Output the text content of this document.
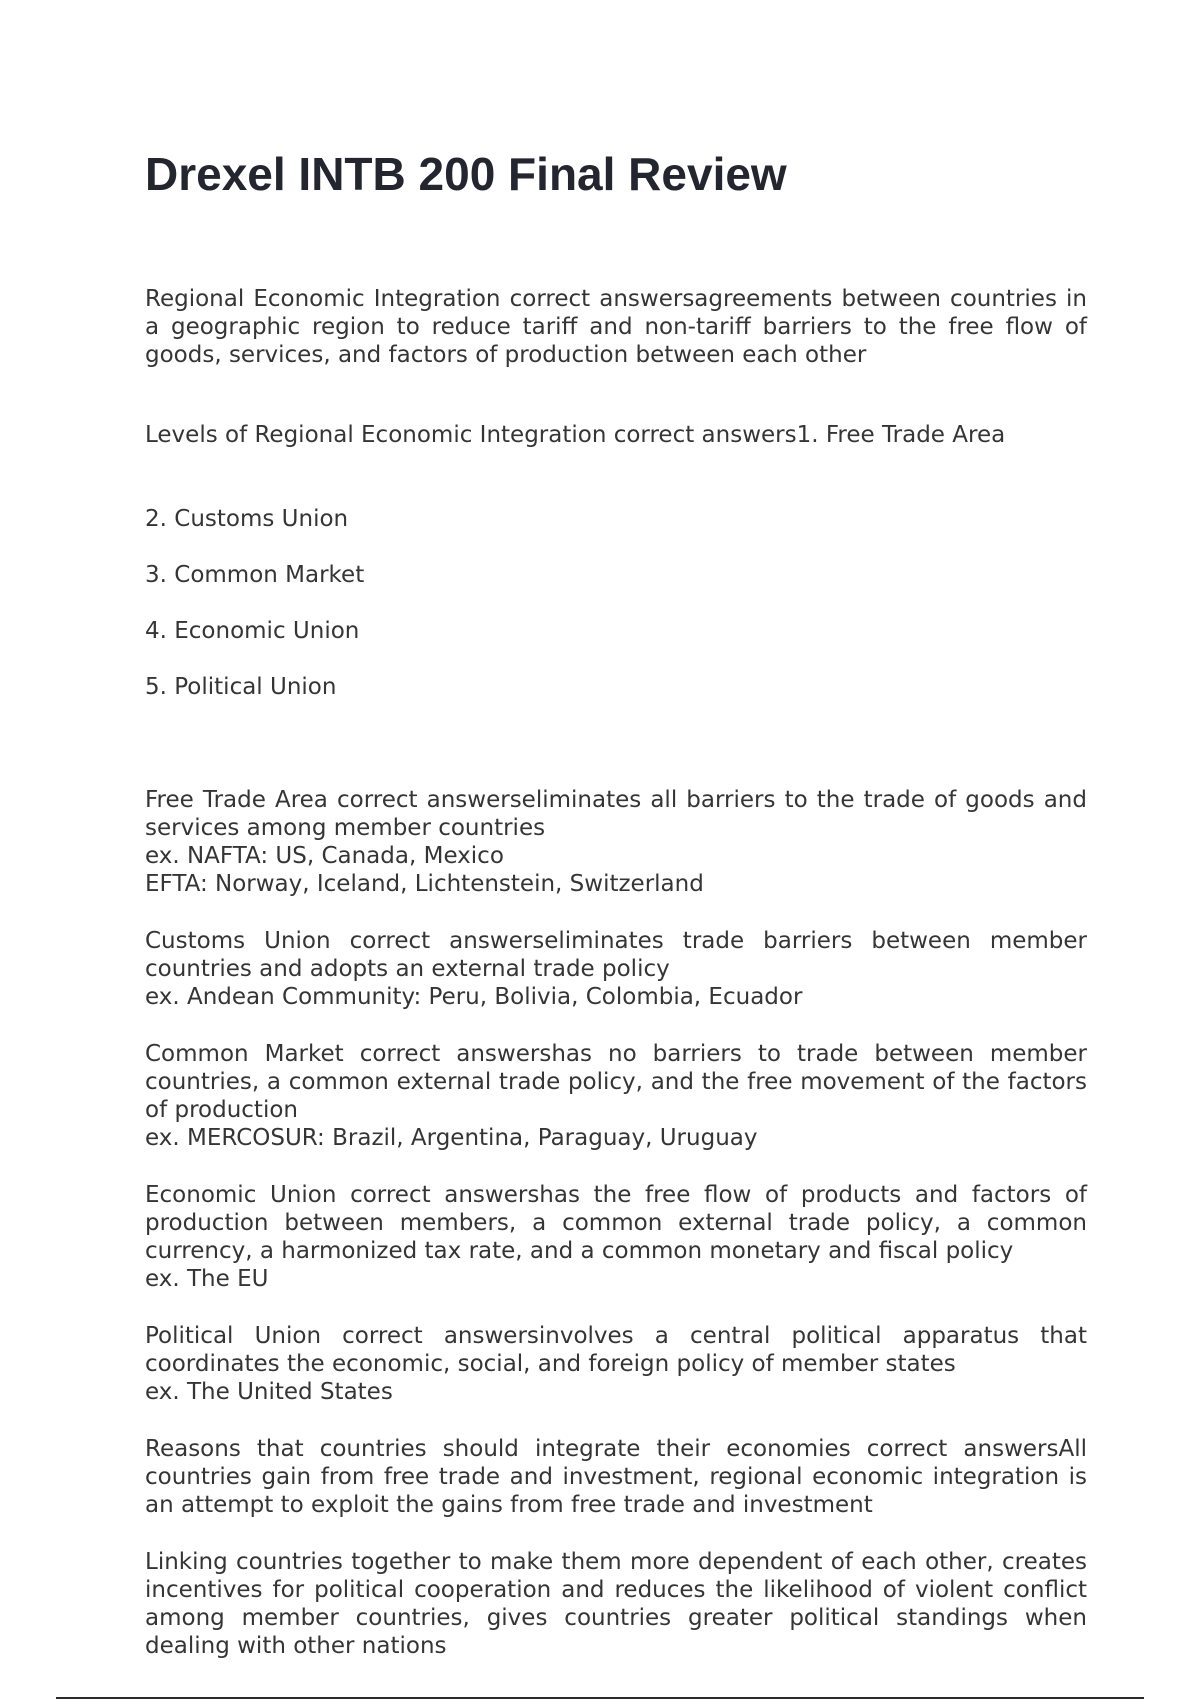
Drexel INTB 200 Final Review

Regional Economic Integration correct answersagreements between countries in a geographic region to reduce tariff and non-tariff barriers to the free flow of goods, services, and factors of production between each other

Levels of Regional Economic Integration correct answers1. Free Trade Area

2. Customs Union

3. Common Market

4. Economic Union

5. Political Union

Free Trade Area correct answerseliminates all barriers to the trade of goods and services among member countries
ex. NAFTA: US, Canada, Mexico
EFTA: Norway, Iceland, Lichtenstein, Switzerland

Customs Union correct answerseliminates trade barriers between member countries and adopts an external trade policy
ex. Andean Community: Peru, Bolivia, Colombia, Ecuador

Common Market correct answershas no barriers to trade between member countries, a common external trade policy, and the free movement of the factors of production
ex. MERCOSUR: Brazil, Argentina, Paraguay, Uruguay

Economic Union correct answershas the free flow of products and factors of production between members, a common external trade policy, a common currency, a harmonized tax rate, and a common monetary and fiscal policy
ex. The EU

Political Union correct answersinvolves a central political apparatus that coordinates the economic, social, and foreign policy of member states
ex. The United States

Reasons that countries should integrate their economies correct answersAll countries gain from free trade and investment, regional economic integration is an attempt to exploit the gains from free trade and investment

Linking countries together to make them more dependent of each other, creates incentives for political cooperation and reduces the likelihood of violent conflict among member countries, gives countries greater political standings when dealing with other nations
